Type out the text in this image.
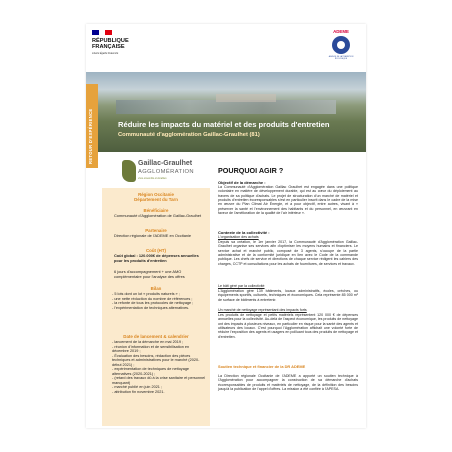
RÉPUBLIQUE FRANÇAISE
Liberté Égalité Fraternité
ADEME
AGENCE DE LA TRANSITION ÉCOLOGIQUE
Réduire les impacts du matériel et des produits d'entretien
Communauté d'agglomération Gaillac-Graulhet (81)
RETOUR D'EXPÉRIENCE	Gaillac-Graulhet
AGGLOMÉRATION
vivre ensemble et durables
Région Occitanie
Département du Tarn
Bénéficiaire
Communauté d'Agglomération de Gaillac-Graulhet
Partenaire
Direction régionale de l'ADEME en Occitanie
Coût (HT)
Coût global : 120.000€ de dépenses annuelles pour les produits d'entretien
6 jours d'accompagnement + une AMO complémentaire pour l'analyse des offres
Bilan
- 5 lots dont un lot « produits naturels » ;
- une nette réduction du nombre de références ;
- la refonte de tous les protocoles de nettoyage ;
- l'expérimentation de techniques alternatives.
Date de lancement & calendrier
- lancement de la démarche en mai 2019 ;
- réunion d'information et de sensibilisation en décembre 2019 ;
- Évaluation des besoins, rédaction des pièces techniques et administratives pour le marché (2020-début 2021) ;
- expérimentation de techniques de nettoyage alternatives (2020-2021) ;
- (retard des travaux dû à la crise sanitaire et personnel manquant)
- marché publié en juin 2021 ;
- attribution fin novembre 2021.
POURQUOI AGIR ?
Objectif de la démarche :
La Communauté d'Agglomération Gaillac Graulhet est engagée dans une politique volontaire en matière de développement durable, qui est au cœur du déploiement au travers de sa politique d'achats. Le projet de structuration d'un marché de matériel et produits d'entretien écoresponsables s'est en particulier inscrit dans le cadre de la mise en œuvre du Plan Climat Air Énergie, et a pour objectif, entre autres, visant à « préserver la santé et l'environnement des habitants et du personnel, en œuvrant en faveur de l'amélioration de la qualité de l'air intérieur ».
Contexte de la collectivité :
L'organisation des achats
Depuis sa création, le 1er janvier 2017, la Communauté d'Agglomération Gaillac-Graulhet organise ses services afin d'optimiser les moyens humains et financiers. Le service achat et marché public, composé de 3 agents, s'occupe de la partie administrative et de la conformité juridique en lien avec le Code de la commande publique. Les chefs de service et directions de chaque service rédigent les cahiers des charges, CCTP et consultations pour les achats de fournitures, de services et travaux.
Le bâti géré par la collectivité
L'Agglomération gère 139 bâtiments, locaux administratifs, écoles, crèches, ou équipements sportifs, culturels, techniques et économiques. Cela représente 85 000 m² de surface de bâtiments à entretenir.
Un marché de nettoyage représentant des impacts forts
Les produits de nettoyage et petits matériels représentent 120 000 € de dépenses annuelles pour la collectivité. Au-delà de l'aspect économique, les produits de nettoyage ont des impacts à plusieurs niveaux, en particulier en risque pour la santé des agents et utilisateurs des locaux. C'est pourquoi l'Agglomération affichait une volonté forte de réduire l'exposition des agents et usagers en pollluant tous des produits de nettoyage et d'entretien.
Soutien technique et financier de la DR ADEME
La Direction régionale Occitanie de l'ADEME a apporté un soutien technique à l'Agglomération pour accompagner la construction de sa démarche d'achats écoresponsables de produits et matériels de nettoyage, de la définition des besoins jusqu'à la publication de l'appel d'offres. La mission a été confiée à l'APESA.
